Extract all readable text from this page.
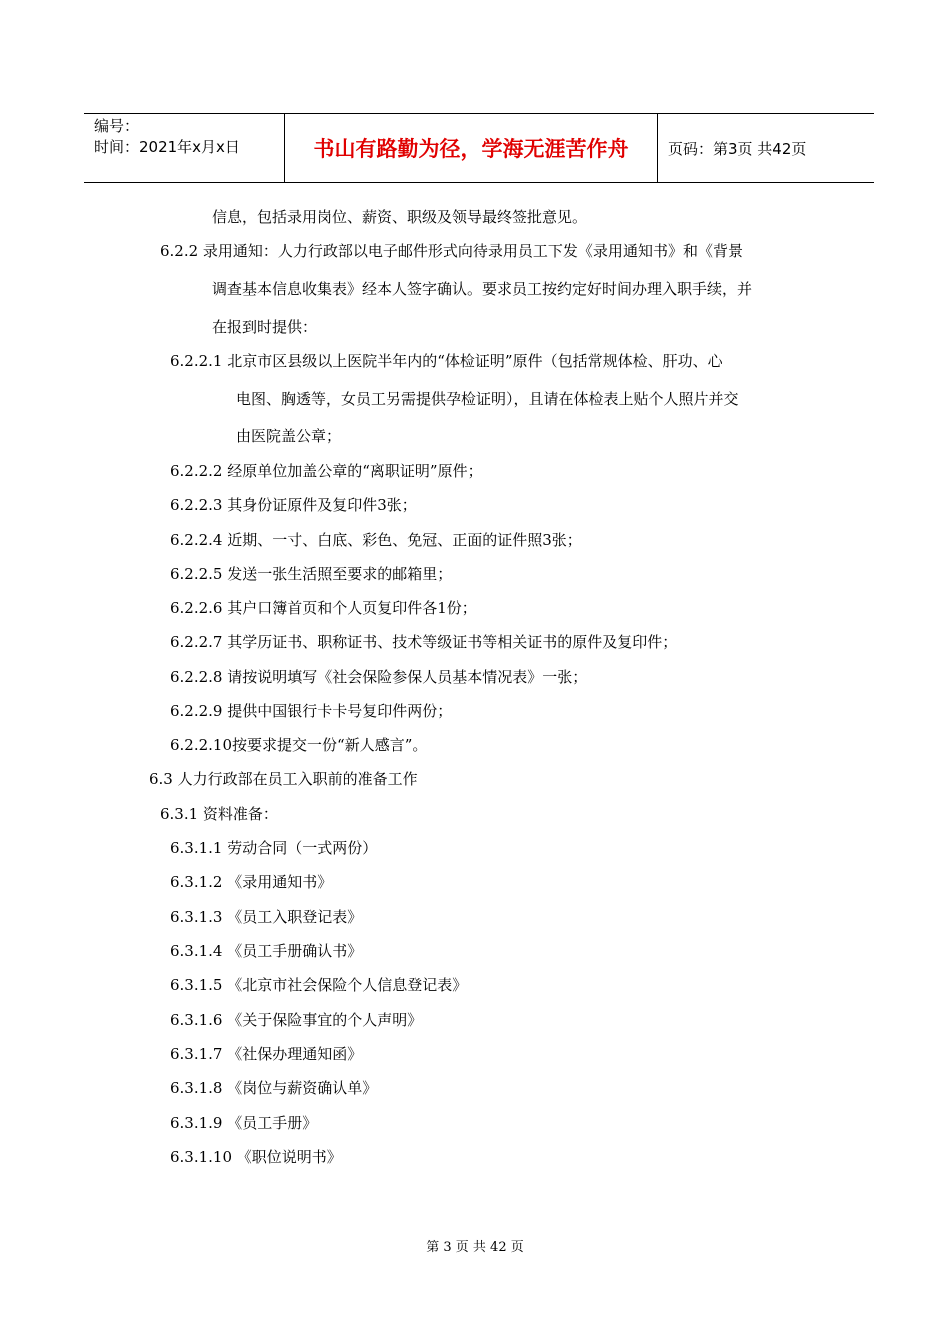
编号：
时间：2021年x月x日	书山有路勤为径，学海无涯苦作舟	页码：第3页 共42页
信息，包括录用岗位、薪资、职级及领导最终签批意见。
6.2.2 录用通知：人力行政部以电子邮件形式向待录用员工下发《录用通知书》和《背景
调查基本信息收集表》经本人签字确认。要求员工按约定好时间办理入职手续，并
在报到时提供：
6.2.2.1 北京市区县级以上医院半年内的“体检证明”原件（包括常规体检、肝功、心
电图、胸透等，女员工另需提供孕检证明），且请在体检表上贴个人照片并交
由医院盖公章；
6.2.2.2 经原单位加盖公章的“离职证明”原件；
6.2.2.3 其身份证原件及复印件3张；
6.2.2.4 近期、一寸、白底、彩色、免冠、正面的证件照3张；
6.2.2.5 发送一张生活照至要求的邮箱里；
6.2.2.6 其户口簿首页和个人页复印件各1份；
6.2.2.7 其学历证书、职称证书、技术等级证书等相关证书的原件及复印件；
6.2.2.8 请按说明填写《社会保险参保人员基本情况表》一张；
6.2.2.9 提供中国银行卡卡号复印件两份；
6.2.2.10按要求提交一份“新人感言”。
6.3 人力行政部在员工入职前的准备工作
6.3.1 资料准备：
6.3.1.1 劳动合同（一式两份）
6.3.1.2 《录用通知书》
6.3.1.3 《员工入职登记表》
6.3.1.4 《员工手册确认书》
6.3.1.5 《北京市社会保险个人信息登记表》
6.3.1.6 《关于保险事宜的个人声明》
6.3.1.7 《社保办理通知函》
6.3.1.8 《岗位与薪资确认单》
6.3.1.9 《员工手册》
6.3.1.10 《职位说明书》
第 3 页 共 42 页
